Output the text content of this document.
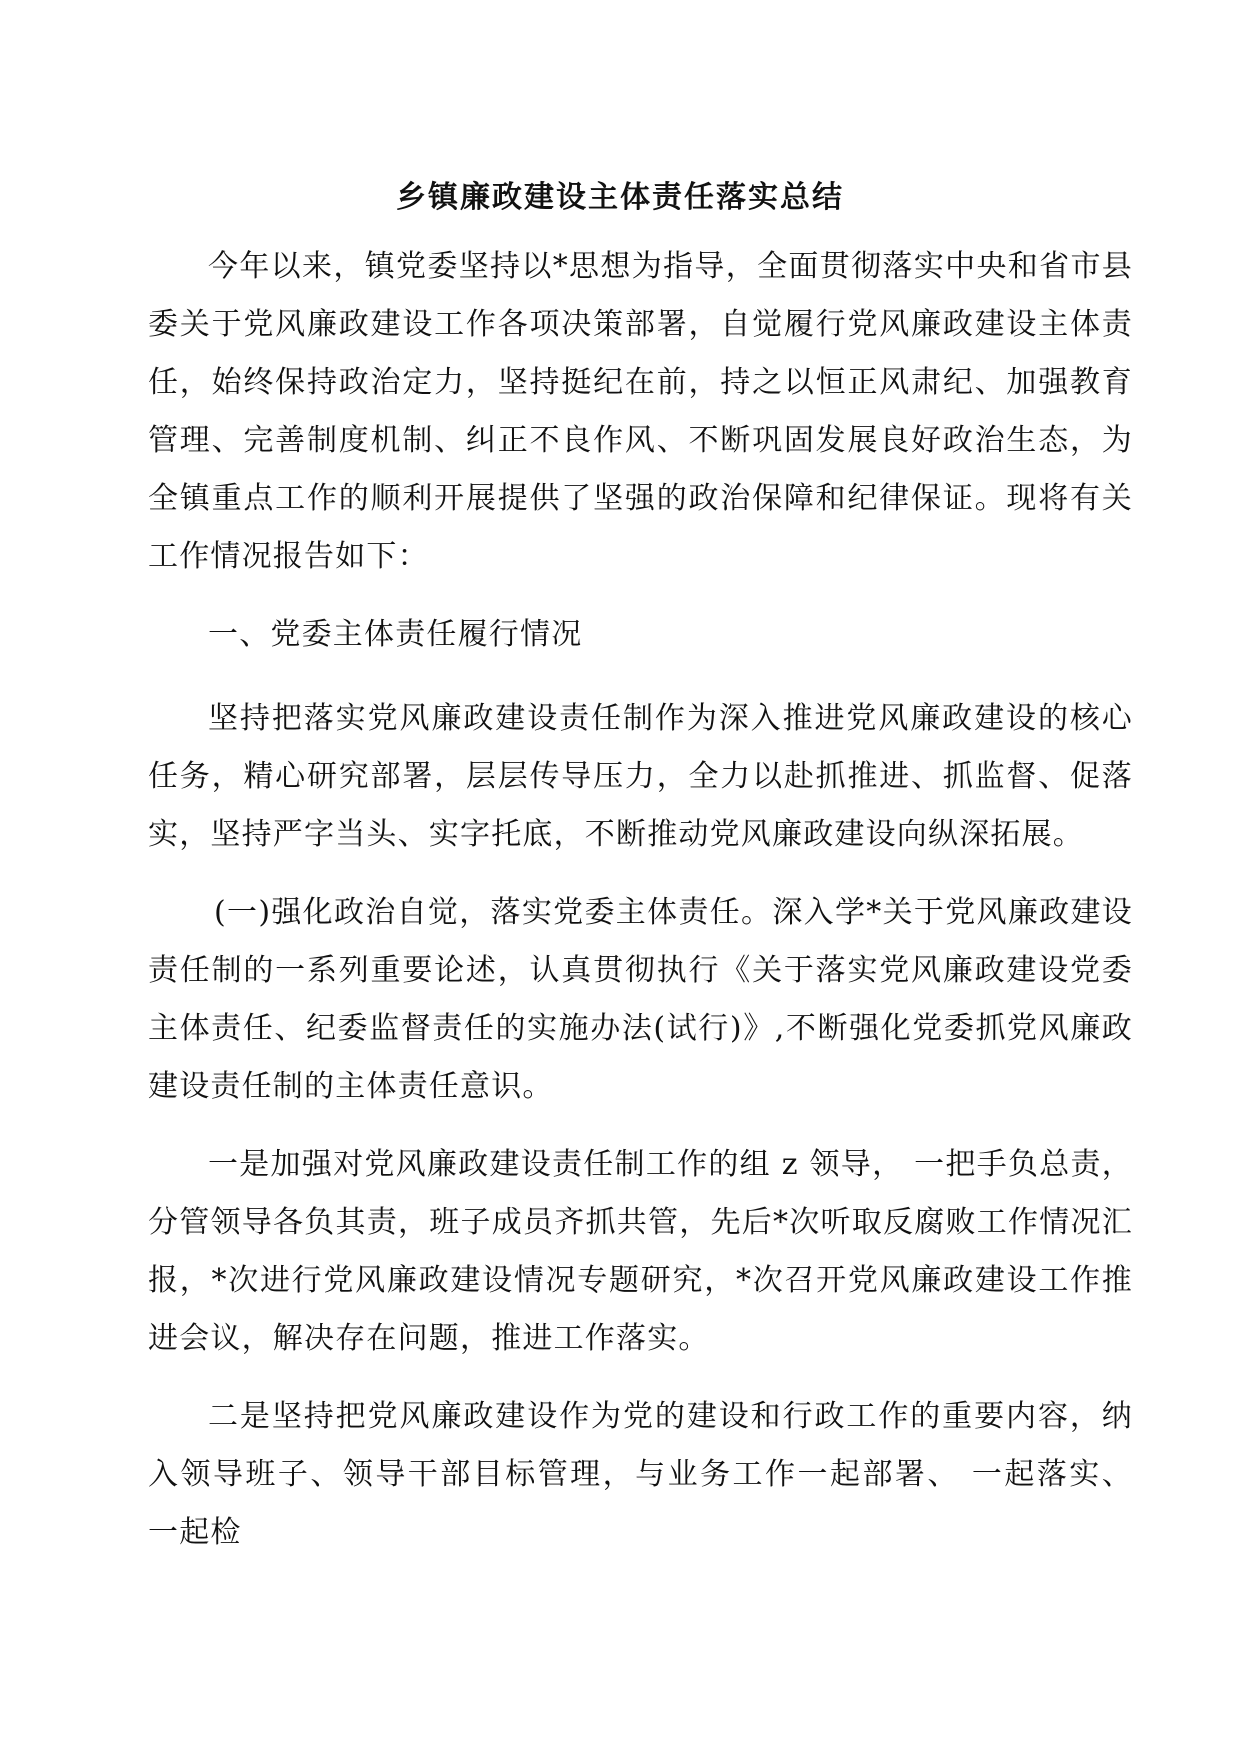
乡镇廉政建设主体责任落实总结

今年以来，镇党委坚持以*思想为指导，全面贯彻落实中央和省市县委关于党风廉政建设工作各项决策部署，自觉履行党风廉政建设主体责任，始终保持政治定力，坚持挺纪在前，持之以恒正风肃纪、加强教育管理、完善制度机制、纠正不良作风、不断巩固发展良好政治生态，为全镇重点工作的顺利开展提供了坚强的政治保障和纪律保证。现将有关工作情况报告如下：

一、党委主体责任履行情况

坚持把落实党风廉政建设责任制作为深入推进党风廉政建设的核心任务，精心研究部署，层层传导压力，全力以赴抓推进、抓监督、促落实，坚持严字当头、实字托底，不断推动党风廉政建设向纵深拓展。

(一)强化政治自觉，落实党委主体责任。深入学*关于党风廉政建设责任制的一系列重要论述，认真贯彻执行《关于落实党风廉政建设党委主体责任、纪委监督责任的实施办法(试行)》,不断强化党委抓党风廉政建设责任制的主体责任意识。

一是加强对党风廉政建设责任制工作的组 z 领导， 一把手负总责，分管领导各负其责，班子成员齐抓共管，先后*次听取反腐败工作情况汇报，*次进行党风廉政建设情况专题研究，*次召开党风廉政建设工作推进会议，解决存在问题，推进工作落实。

二是坚持把党风廉政建设作为党的建设和行政工作的重要内容，纳入领导班子、领导干部目标管理，与业务工作一起部署、 一起落实、 一起检
